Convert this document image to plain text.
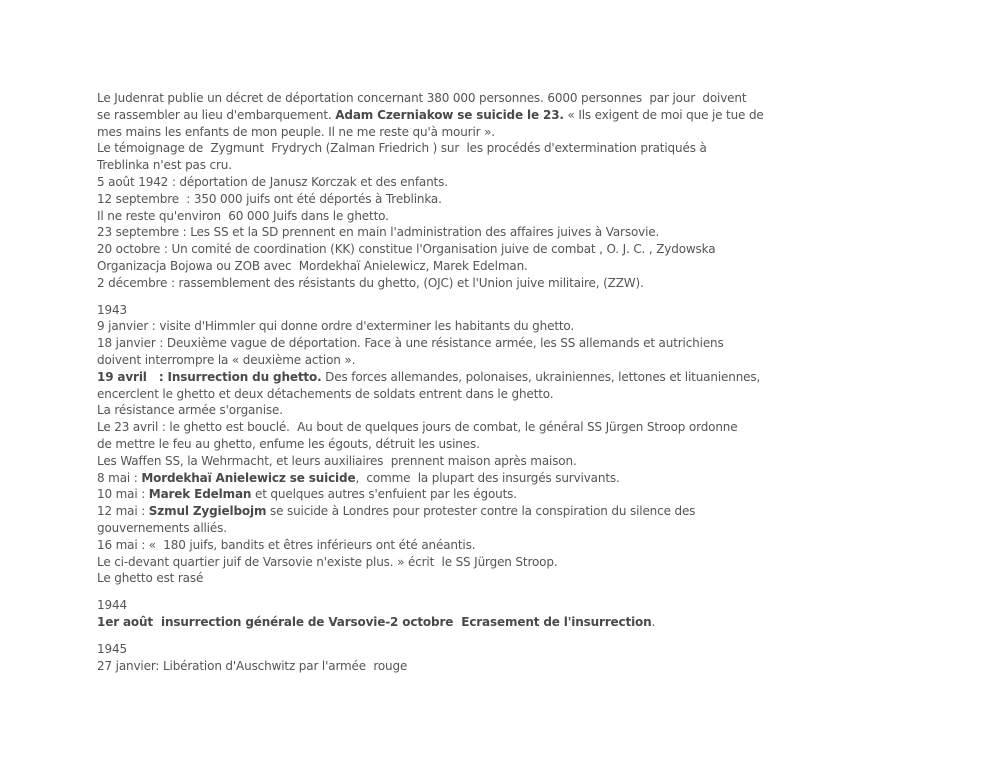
Le Judenrat publie un décret de déportation concernant 380 000 personnes. 6000 personnes  par jour  doivent
se rassembler au lieu d'embarquement. Adam Czerniakow se suicide le 23. « Ils exigent de moi que je tue de
mes mains les enfants de mon peuple. Il ne me reste qu'à mourir ».
Le témoignage de  Zygmunt  Frydrych (Zalman Friedrich ) sur  les procédés d'extermination pratiqués à
Treblinka n'est pas cru.
5 août 1942 : déportation de Janusz Korczak et des enfants.
12 septembre  : 350 000 juifs ont été déportés à Treblinka.
Il ne reste qu'environ  60 000 Juifs dans le ghetto.
23 septembre : Les SS et la SD prennent en main l'administration des affaires juives à Varsovie.
20 octobre : Un comité de coordination (KK) constitue l'Organisation juive de combat , O. J. C. , Zydowska
Organizacja Bojowa ou ZOB avec  Mordekhaï Anielewicz, Marek Edelman.
2 décembre : rassemblement des résistants du ghetto, (OJC) et l'Union juive militaire, (ZZW).
1943
9 janvier : visite d'Himmler qui donne ordre d'exterminer les habitants du ghetto.
18 janvier : Deuxième vague de déportation. Face à une résistance armée, les SS allemands et autrichiens
doivent interrompre la « deuxième action ».
19 avril   : Insurrection du ghetto. Des forces allemandes, polonaises, ukrainiennes, lettones et lituaniennes,
encerclent le ghetto et deux détachements de soldats entrent dans le ghetto.
La résistance armée s'organise.
Le 23 avril : le ghetto est bouclé.  Au bout de quelques jours de combat, le général SS Jürgen Stroop ordonne
de mettre le feu au ghetto, enfume les égouts, détruit les usines.
Les Waffen SS, la Wehrmacht, et leurs auxiliaires  prennent maison après maison.
8 mai : Mordekhaï Anielewicz se suicide,  comme  la plupart des insurgés survivants.
10 mai : Marek Edelman et quelques autres s'enfuient par les égouts.
12 mai : Szmul Zygielbojm se suicide à Londres pour protester contre la conspiration du silence des
gouvernements alliés.
16 mai : «  180 juifs, bandits et êtres inférieurs ont été anéantis.
Le ci-devant quartier juif de Varsovie n'existe plus. » écrit  le SS Jürgen Stroop.
Le ghetto est rasé
1944
1er août  insurrection générale de Varsovie-2 octobre  Ecrasement de l'insurrection.
1945
27 janvier: Libération d'Auschwitz par l'armée  rouge
